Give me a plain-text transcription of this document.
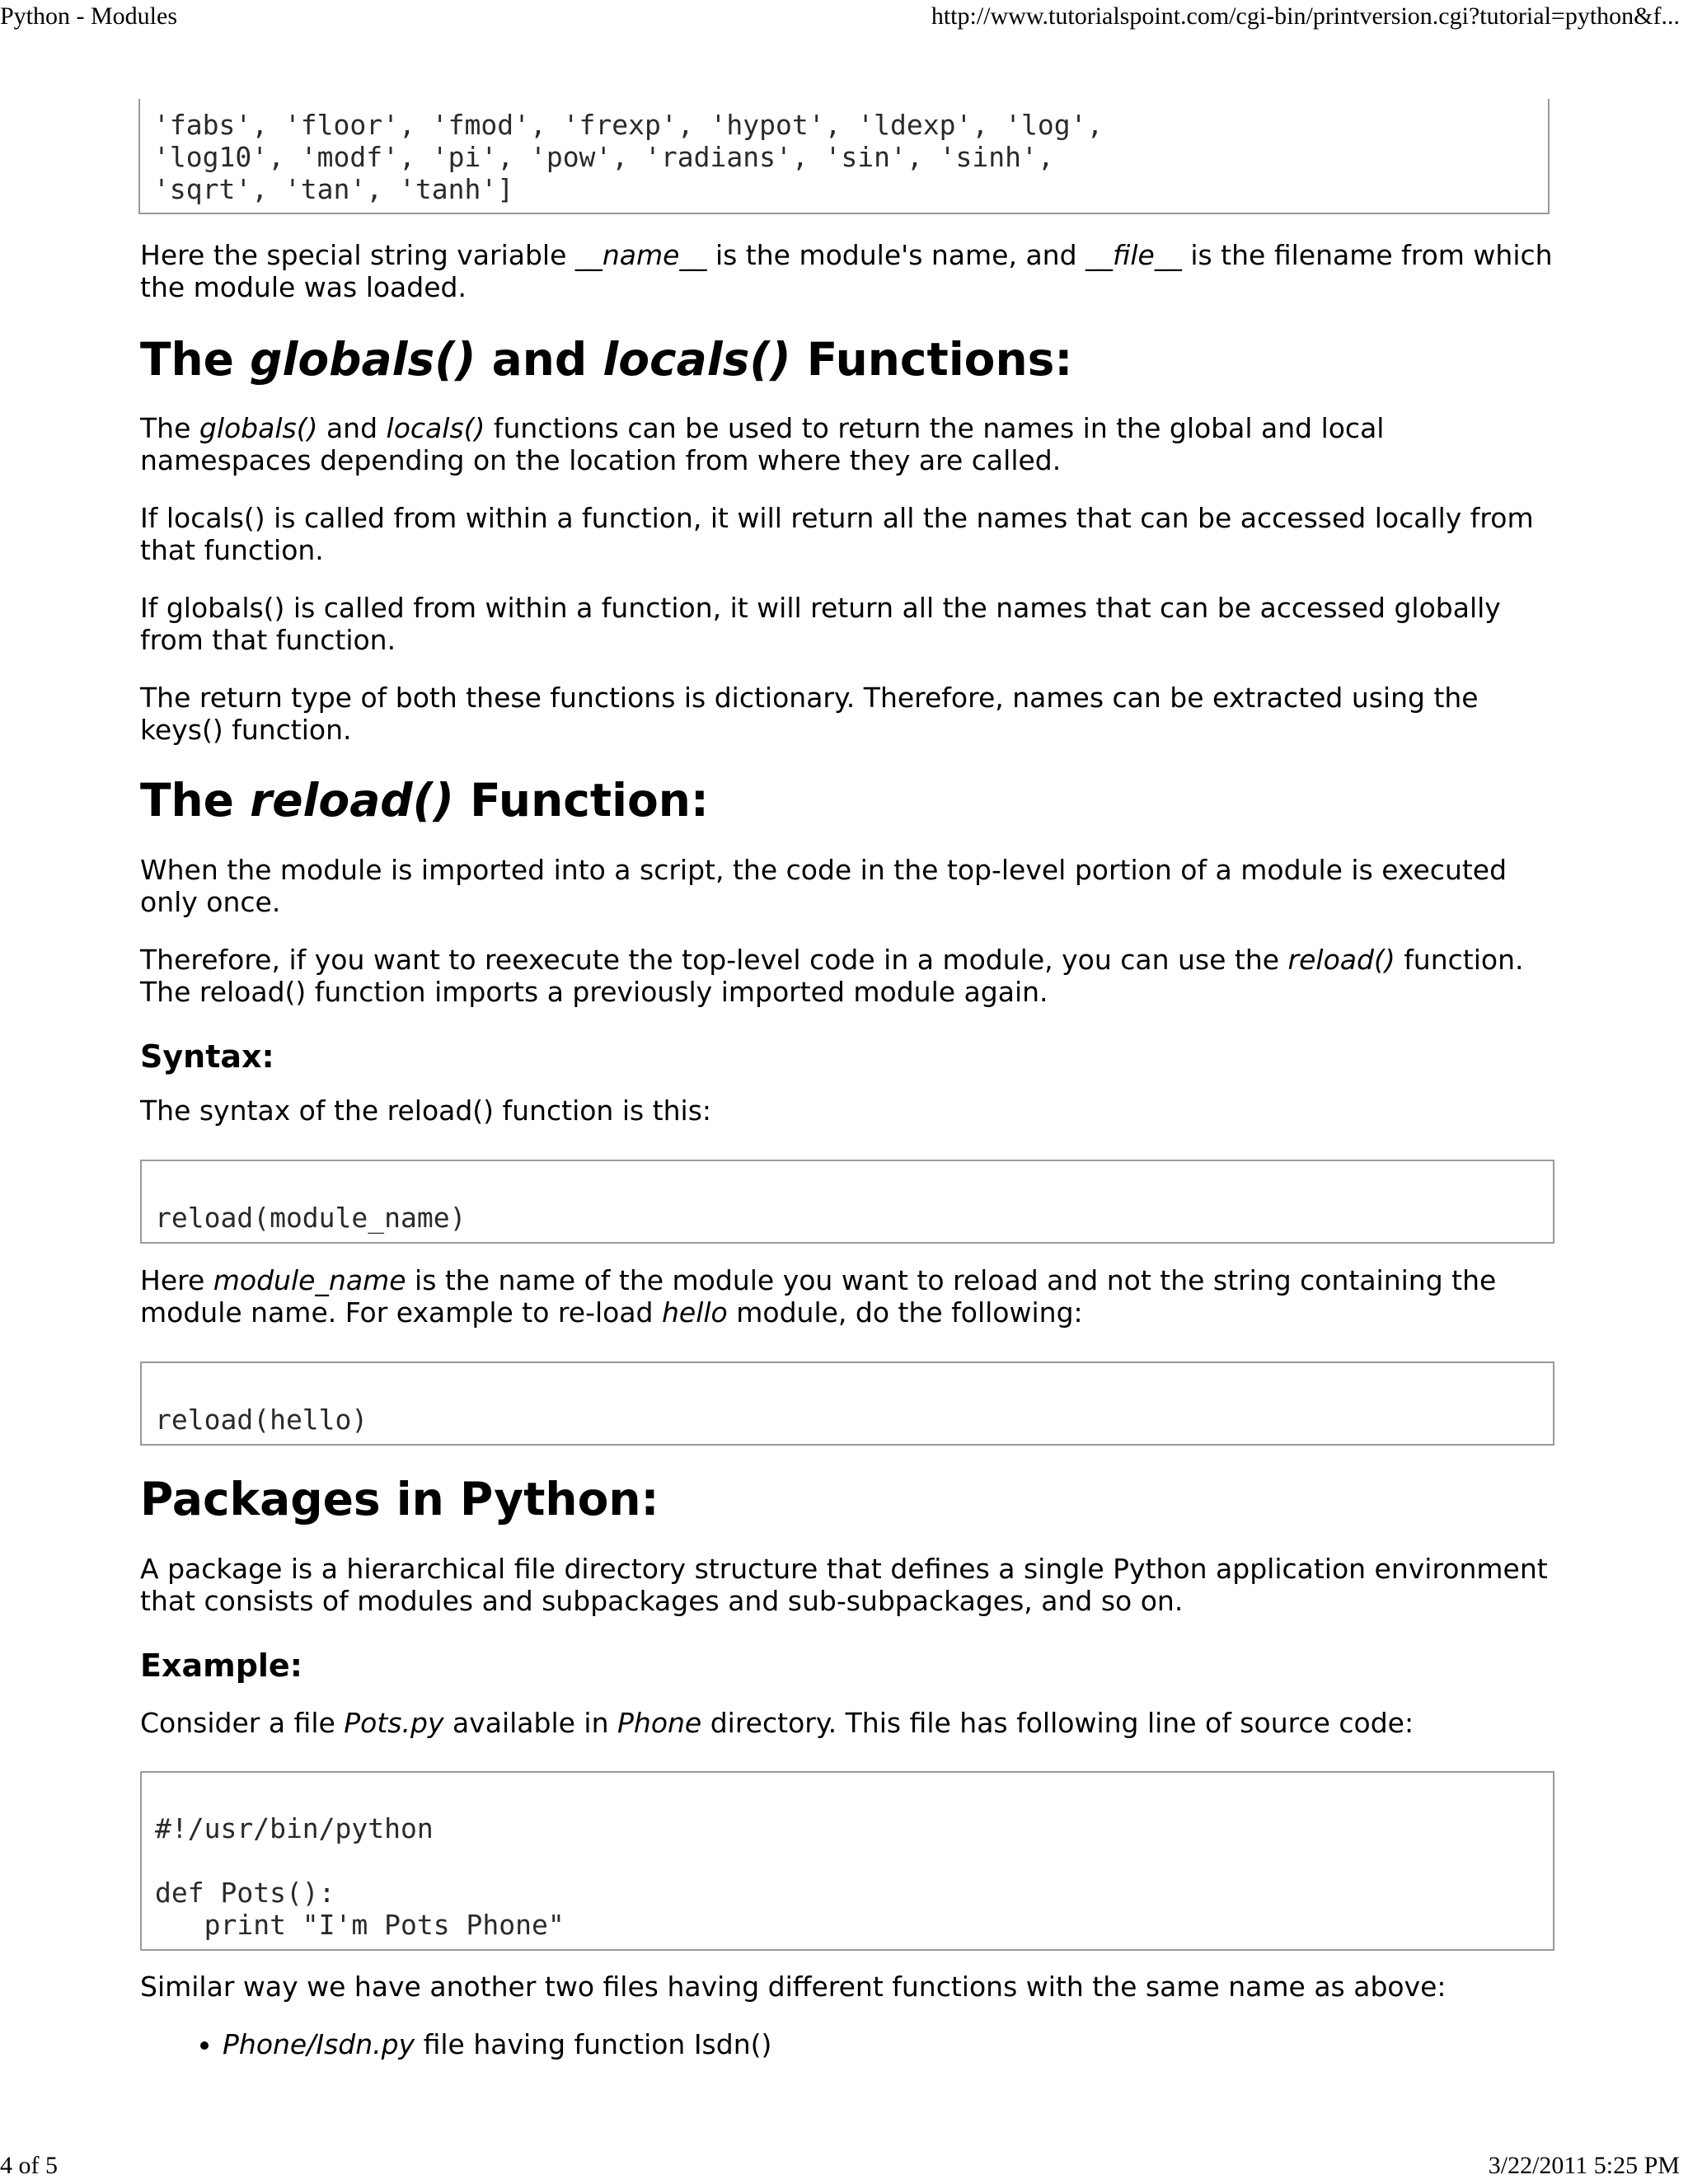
Python - Modules	http://www.tutorialspoint.com/cgi-bin/printversion.cgi?tutorial=python&f...
'fabs', 'floor', 'fmod', 'frexp', 'hypot', 'ldexp', 'log',
'log10', 'modf', 'pi', 'pow', 'radians', 'sin', 'sinh',
'sqrt', 'tan', 'tanh']

Here the special string variable __name__ is the module's name, and __file__ is the filename from which the module was loaded.

The globals() and locals() Functions:

The globals() and locals() functions can be used to return the names in the global and local namespaces depending on the location from where they are called.

If locals() is called from within a function, it will return all the names that can be accessed locally from that function.

If globals() is called from within a function, it will return all the names that can be accessed globally from that function.

The return type of both these functions is dictionary. Therefore, names can be extracted using the keys() function.

The reload() Function:

When the module is imported into a script, the code in the top-level portion of a module is executed only once.

Therefore, if you want to reexecute the top-level code in a module, you can use the reload() function. The reload() function imports a previously imported module again.

Syntax:

The syntax of the reload() function is this:

reload(module_name)

Here module_name is the name of the module you want to reload and not the string containing the module name. For example to re-load hello module, do the following:

reload(hello)
Packages in Python:

A package is a hierarchical file directory structure that defines a single Python application environment that consists of modules and subpackages and sub-subpackages, and so on.

Example:

Consider a file Pots.py available in Phone directory. This file has following line of source code:

#!/usr/bin/python

def Pots():
print "I'm Pots Phone"

Similar way we have another two files having different functions with the same name as above:

• Phone/Isdn.py file having function Isdn()
4 of 5	3/22/2011 5:25 PM
